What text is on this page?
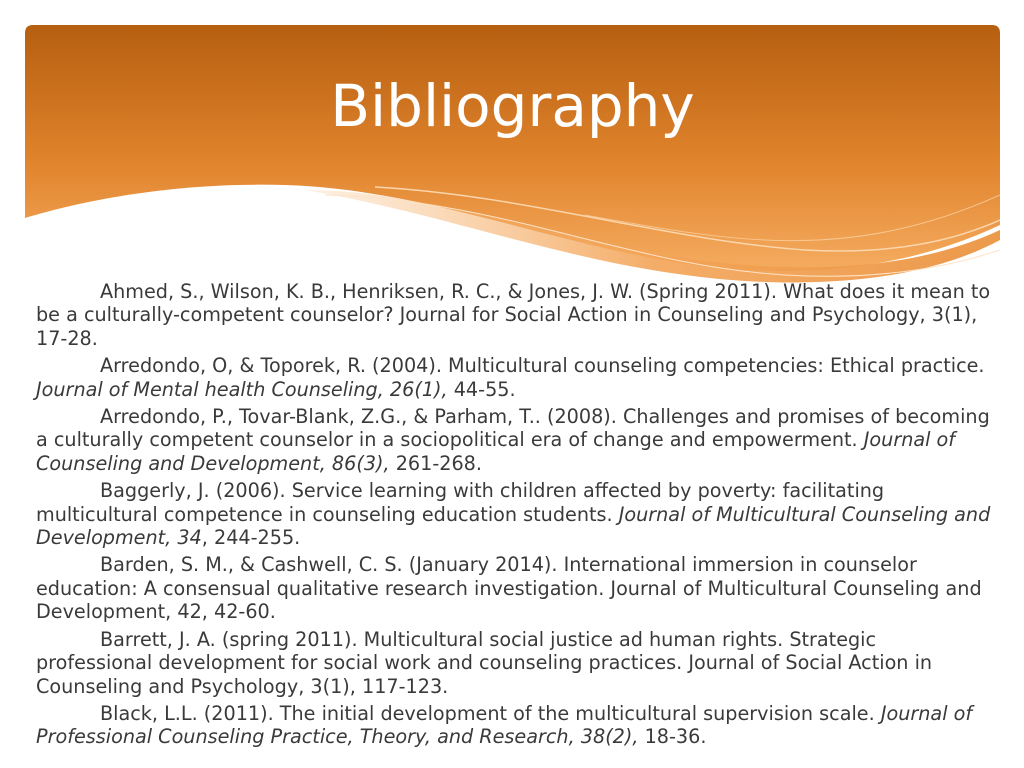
Bibliography

Ahmed, S., Wilson, K. B., Henriksen, R. C., & Jones, J. W. (Spring 2011). What does it mean to be a culturally-competent counselor? Journal for Social Action in Counseling and Psychology, 3(1), 17-28.

Arredondo, O, & Toporek, R. (2004). Multicultural counseling competencies: Ethical practice. Journal of Mental health Counseling, 26(1), 44-55.

Arredondo, P., Tovar-Blank, Z.G., & Parham, T.. (2008). Challenges and promises of becoming a culturally competent counselor in a sociopolitical era of change and empowerment. Journal of Counseling and Development, 86(3), 261-268.

Baggerly, J. (2006). Service learning with children affected by poverty: facilitating multicultural competence in counseling education students. Journal of Multicultural Counseling and Development, 34, 244-255.

Barden, S. M., & Cashwell, C. S. (January 2014). International immersion in counselor education: A consensual qualitative research investigation. Journal of Multicultural Counseling and Development, 42, 42-60.

Barrett, J. A. (spring 2011). Multicultural social justice ad human rights. Strategic professional development for social work and counseling practices. Journal of Social Action in Counseling and Psychology, 3(1), 117-123.

Black, L.L. (2011). The initial development of the multicultural supervision scale. Journal of Professional Counseling Practice, Theory, and Research, 38(2), 18-36.
